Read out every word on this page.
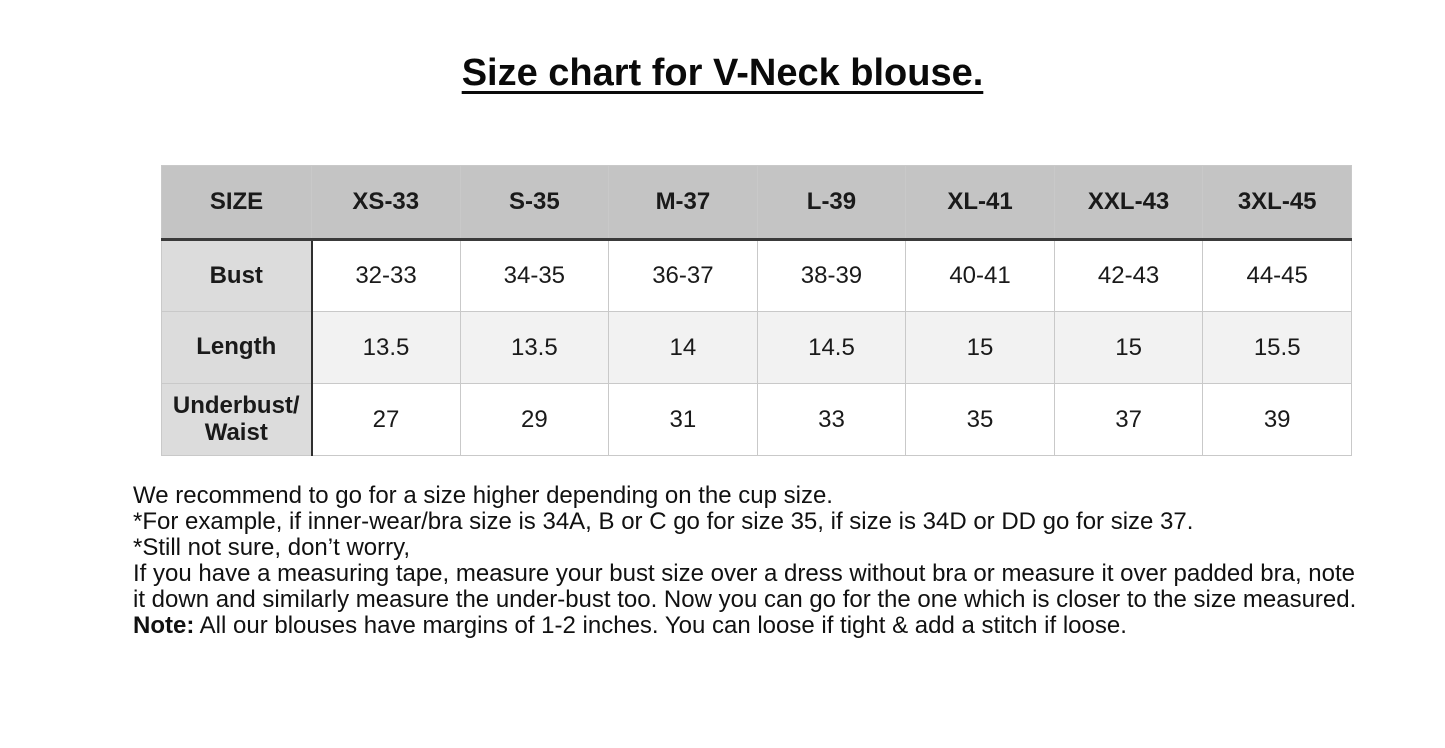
Size chart for V-Neck blouse.
SIZE	XS-33	S-35	M-37	L-39	XL-41	XXL-43	3XL-45
Bust	32-33	34-35	36-37	38-39	40-41	42-43	44-45
Length	13.5	13.5	14	14.5	15	15	15.5
Underbust/ Waist	27	29	31	33	35	37	39

We recommend to go for a size higher depending on the cup size.
*For example, if inner-wear/bra size is 34A, B or C go for size 35, if size is 34D or DD go for size 37.

*Still not sure, don’t worry,
If you have a measuring tape, measure your bust size over a dress without bra or measure it over padded bra, note
it down and similarly measure the under-bust too. Now you can go for the one which is closer to the size measured.

Note: All our blouses have margins of 1-2 inches. You can loose if tight & add a stitch if loose.
